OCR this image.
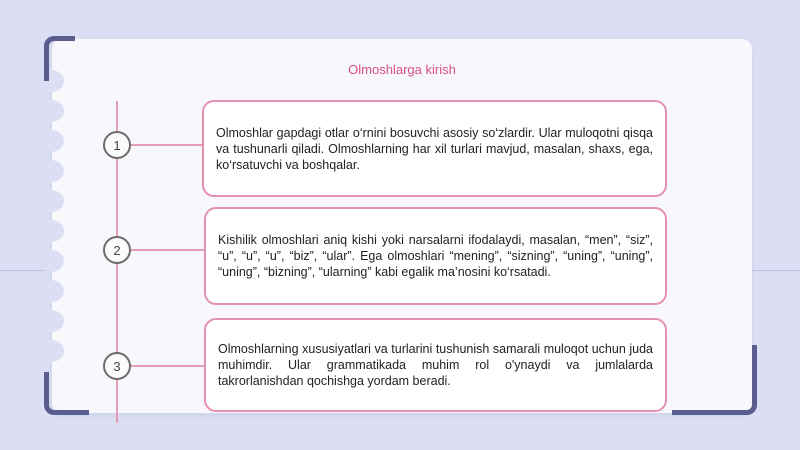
Olmoshlarga kirish
1
2
3
Olmoshlar gapdagi otlar o‘rnini bosuvchi asosiy so‘zlardir. Ular muloqotni qisqa va tushunarli qiladi. Olmoshlarning har xil turlari mavjud, masalan, shaxs, ega, ko‘rsatuvchi va boshqalar.
Kishilik olmoshlari aniq kishi yoki narsalarni ifodalaydi, masalan, “men”, “siz”, “u”, “u”, “u”, “biz”, “ular”. Ega olmoshlari “mening”, “sizning”, “uning”, “uning”, “uning”, “bizning”, “ularning” kabi egalik ma’nosini ko‘rsatadi.
Olmoshlarning xususiyatlari va turlarini tushunish samarali muloqot uchun juda muhimdir. Ular grammatikada muhim rol o'ynaydi va jumlalarda takrorlanishdan qochishga yordam beradi.
